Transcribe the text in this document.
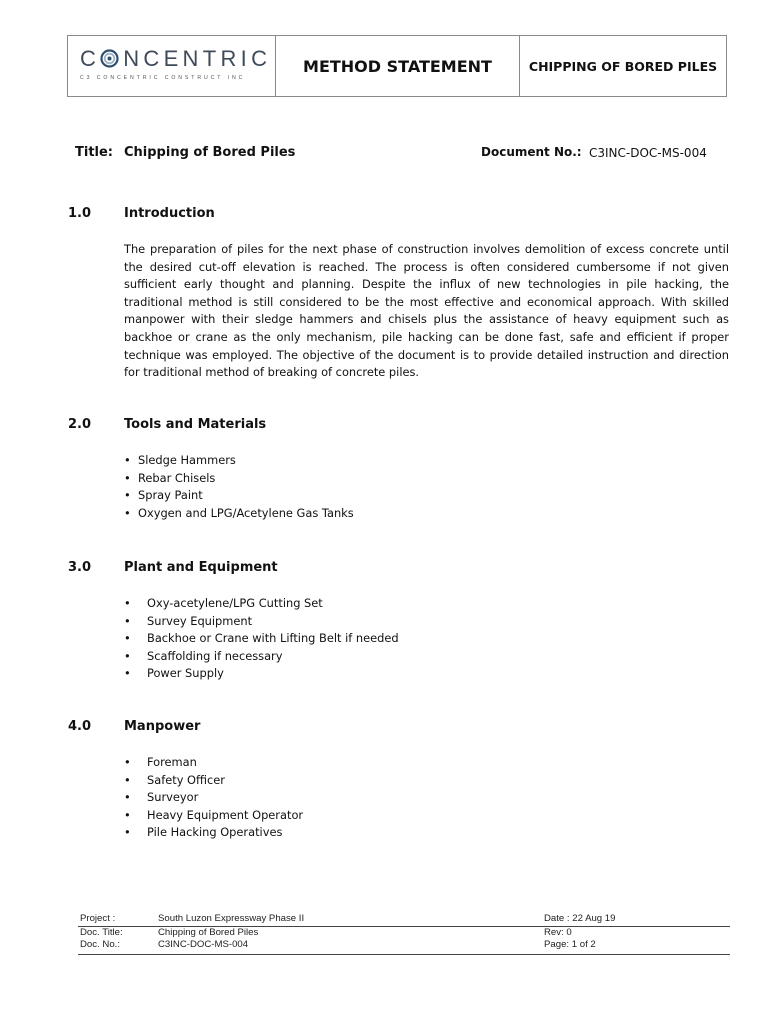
C NCENTRIC
C3 CONCENTRIC CONSTRUCT INC
METHOD STATEMENT	CHIPPING OF BORED PILES
Title: Chipping of Bored Piles	Document No.: C3INC-DOC-MS-004
1.0	Introduction

The preparation of piles for the next phase of construction involves demolition of excess concrete until the desired cut-off elevation is reached. The process is often considered cumbersome if not given sufficient early thought and planning. Despite the influx of new technologies in pile hacking, the traditional method is still considered to be the most effective and economical approach. With skilled manpower with their sledge hammers and chisels plus the assistance of heavy equipment such as backhoe or crane as the only mechanism, pile hacking can be done fast, safe and efficient if proper technique was employed. The objective of the document is to provide detailed instruction and direction for traditional method of breaking of concrete piles.

2.0	Tools and Materials
• Sledge Hammers
• Rebar Chisels
• Spray Paint
• Oxygen and LPG/Acetylene Gas Tanks
3.0	Plant and Equipment
• Oxy-acetylene/LPG Cutting Set
• Survey Equipment
• Backhoe or Crane with Lifting Belt if needed
• Scaffolding if necessary
• Power Supply
4.0	Manpower
• Foreman
• Safety Officer
• Surveyor
• Heavy Equipment Operator
• Pile Hacking Operatives
Project :	South Luzon Expressway Phase II	Date : 22 Aug 19
Doc. Title:	Chipping of Bored Piles	Rev: 0
Doc. No.:	C3INC-DOC-MS-004	Page: 1 of 2
